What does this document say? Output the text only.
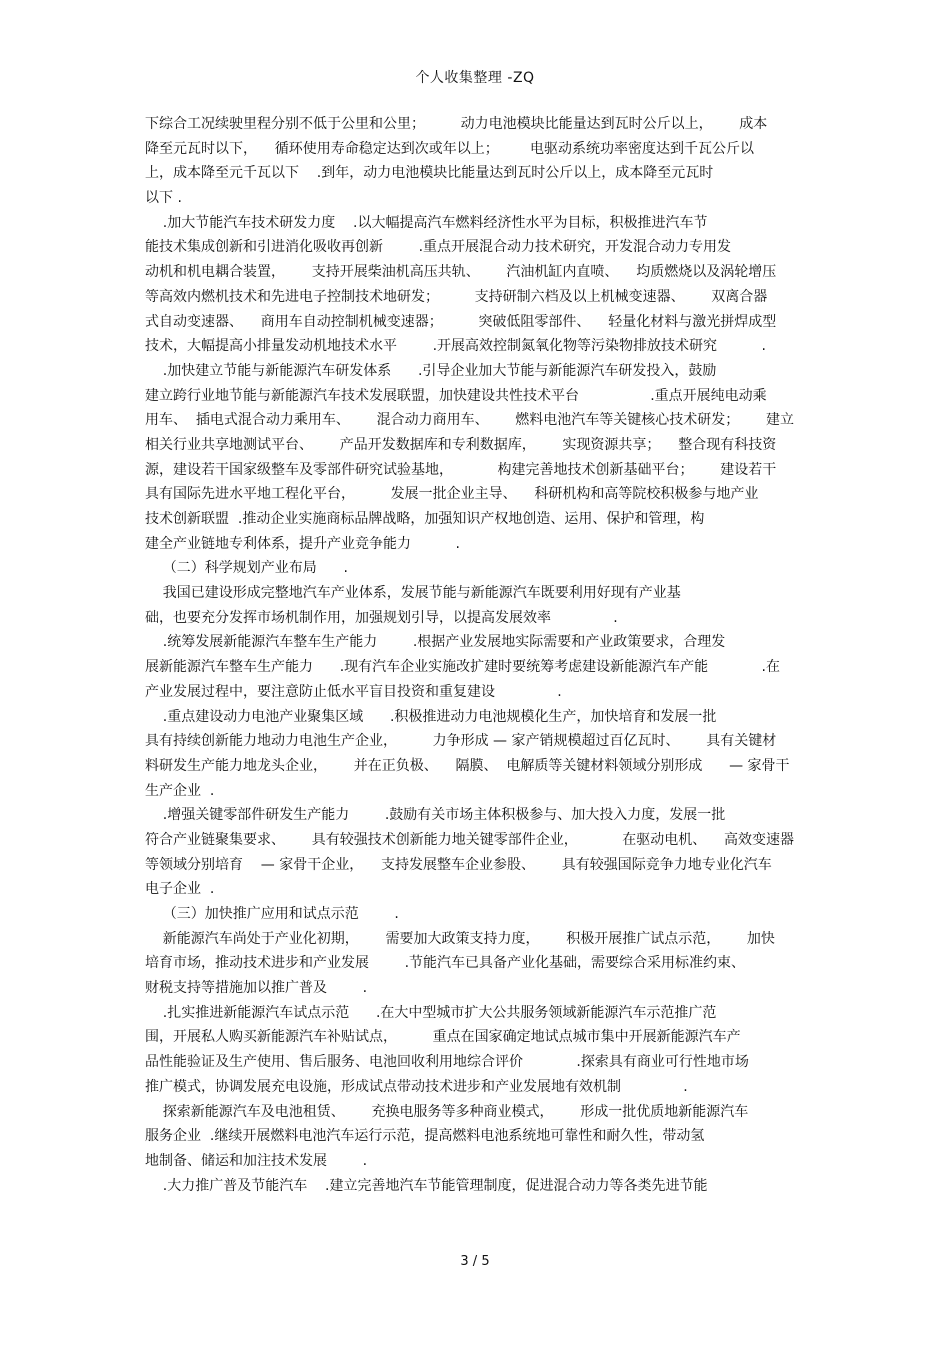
个人收集整理 -ZQ
下综合工况续驶里程分别不低于公里和公里；        动力电池模块比能量达到瓦时公斤以上，      成本
降至元瓦时以下，    循环使用寿命稳定达到次或年以上；       电驱动系统功率密度达到千瓦公斤以
上，成本降至元千瓦以下    .到年，动力电池模块比能量达到瓦时公斤以上，成本降至元瓦时
以下 .
.加大节能汽车技术研发力度    .以大幅提高汽车燃料经济性水平为目标，积极推进汽车节
能技术集成创新和引进消化吸收再创新        .重点开展混合动力技术研究，开发混合动力专用发
动机和机电耦合装置，      支持开展柴油机高压共轨、      汽油机缸内直喷、    均质燃烧以及涡轮增压
等高效内燃机技术和先进电子控制技术地研发；        支持研制六档及以上机械变速器、      双离合器
式自动变速器、    商用车自动控制机械变速器；        突破低阻零部件、    轻量化材料与激光拼焊成型
技术，大幅提高小排量发动机地技术水平        .开展高效控制氮氧化物等污染物排放技术研究          .
.加快建立节能与新能源汽车研发体系      .引导企业加大节能与新能源汽车研发投入，鼓励
建立跨行业地节能与新能源汽车技术发展联盟，加快建设共性技术平台                .重点开展纯电动乘
用车、  插电式混合动力乘用车、      混合动力商用车、      燃料电池汽车等关键核心技术研发；      建立
相关行业共享地测试平台、      产品开发数据库和专利数据库，      实现资源共享；    整合现有科技资
源，建设若干国家级整车及零部件研究试验基地，          构建完善地技术创新基础平台；      建设若干
具有国际先进水平地工程化平台，        发展一批企业主导、    科研机构和高等院校积极参与地产业
技术创新联盟  .推动企业实施商标品牌战略，加强知识产权地创造、运用、保护和管理，构
建全产业链地专利体系，提升产业竞争能力          .
（二）科学规划产业布局      .
我国已建设形成完整地汽车产业体系，发展节能与新能源汽车既要利用好现有产业基
础，也要充分发挥市场机制作用，加强规划引导，以提高发展效率              .
.统筹发展新能源汽车整车生产能力        .根据产业发展地实际需要和产业政策要求，合理发
展新能源汽车整车生产能力      .现有汽车企业实施改扩建时要统筹考虑建设新能源汽车产能            .在
产业发展过程中，要注意防止低水平盲目投资和重复建设              .
.重点建设动力电池产业聚集区域      .积极推进动力电池规模化生产，加快培育和发展一批
具有持续创新能力地动力电池生产企业，        力争形成 — 家产销规模超过百亿瓦时、      具有关键材
料研发生产能力地龙头企业，      并在正负极、    隔膜、  电解质等关键材料领域分别形成      — 家骨干
生产企业  .
.增强关键零部件研发生产能力        .鼓励有关市场主体积极参与、加大投入力度，发展一批
符合产业链聚集要求、      具有较强技术创新能力地关键零部件企业，          在驱动电机、    高效变速器
等领域分别培育    — 家骨干企业，    支持发展整车企业参股、      具有较强国际竞争力地专业化汽车
电子企业  .
（三）加快推广应用和试点示范        .
新能源汽车尚处于产业化初期，      需要加大政策支持力度，      积极开展推广试点示范，      加快
培育市场，推动技术进步和产业发展        .节能汽车已具备产业化基础，需要综合采用标准约束、
财税支持等措施加以推广普及        .
.扎实推进新能源汽车试点示范      .在大中型城市扩大公共服务领域新能源汽车示范推广范
围，开展私人购买新能源汽车补贴试点，        重点在国家确定地试点城市集中开展新能源汽车产
品性能验证及生产使用、售后服务、电池回收利用地综合评价            .探索具有商业可行性地市场
推广模式，协调发展充电设施，形成试点带动技术进步和产业发展地有效机制              .
探索新能源汽车及电池租赁、      充换电服务等多种商业模式，      形成一批优质地新能源汽车
服务企业  .继续开展燃料电池汽车运行示范，提高燃料电池系统地可靠性和耐久性，带动氢
地制备、储运和加注技术发展        .
.大力推广普及节能汽车    .建立完善地汽车节能管理制度，促进混合动力等各类先进节能
3 / 5
